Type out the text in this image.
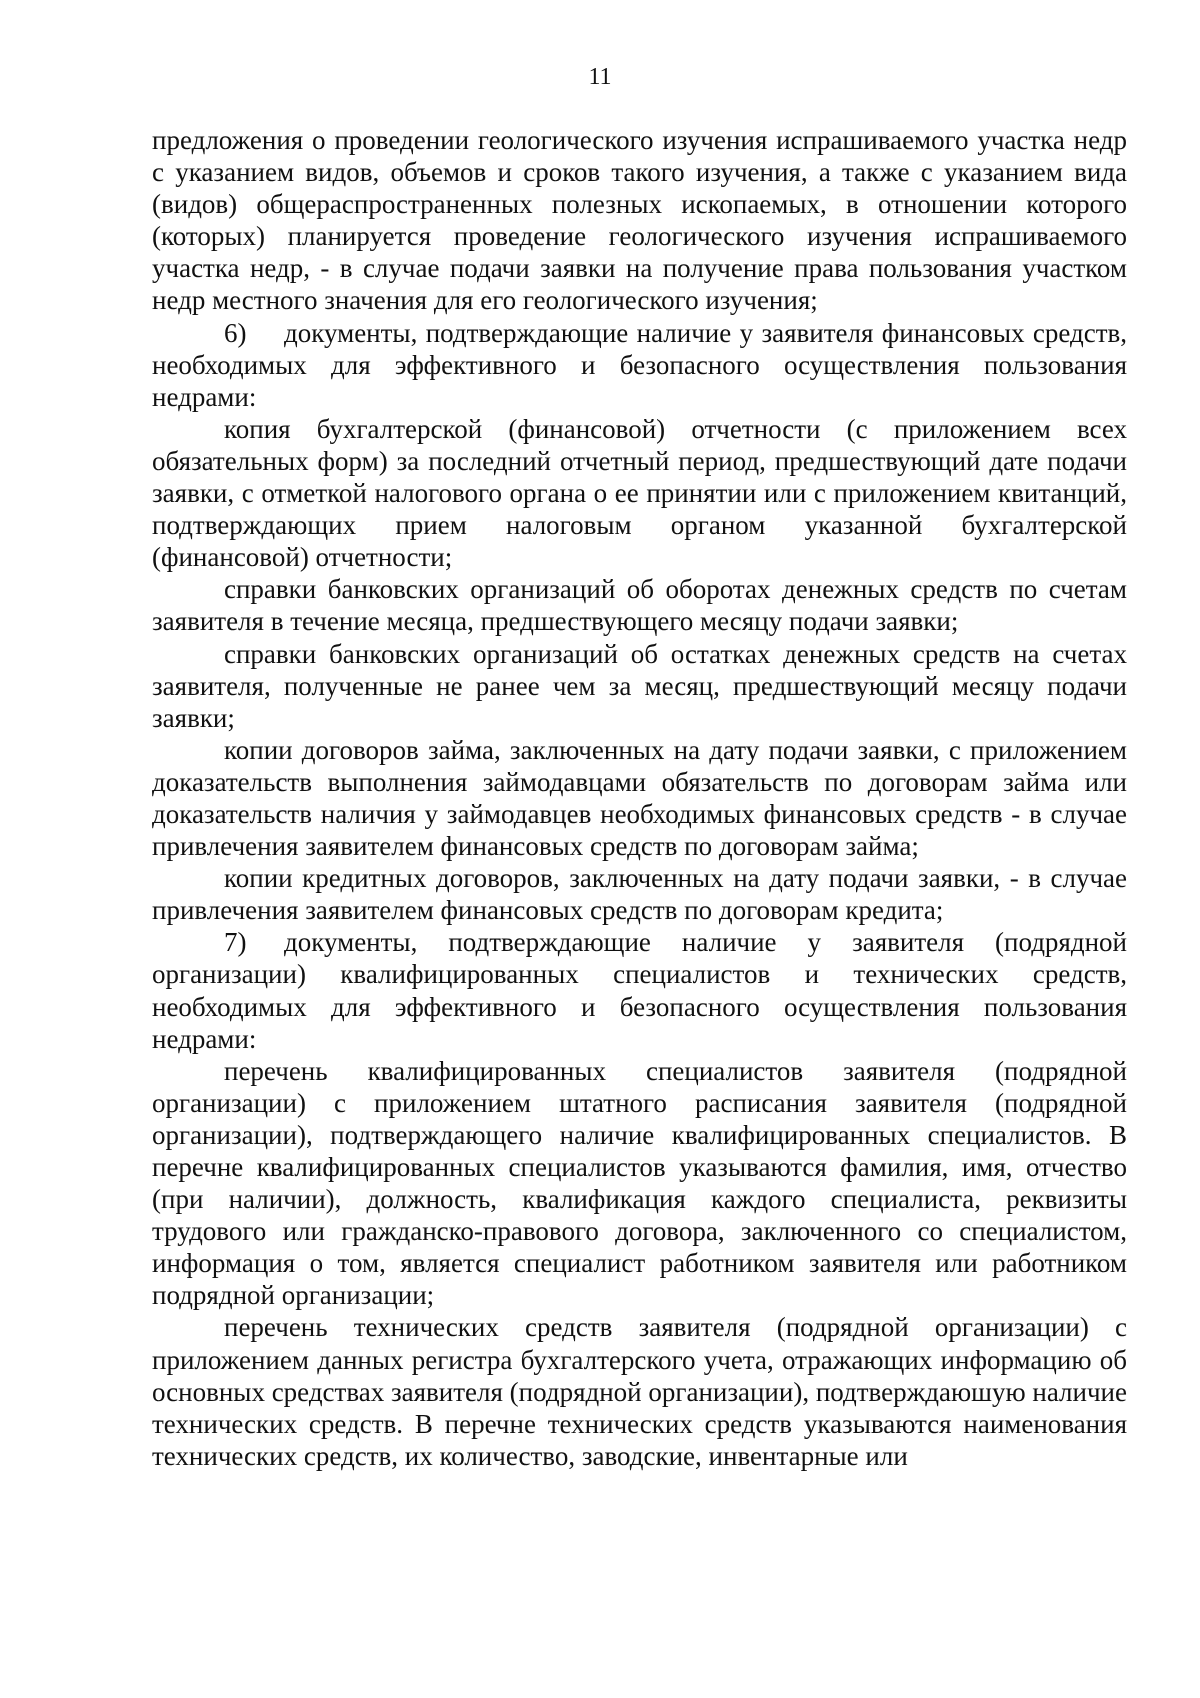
11

предложения о проведении геологического изучения испрашиваемого участка недр с указанием видов, объемов и сроков такого изучения, а также с указанием вида (видов) общераспространенных полезных ископаемых, в отношении которого (которых) планируется проведение геологического изучения испрашиваемого участка недр, - в случае подачи заявки на получение права пользования участком недр местного значения для его геологического изучения;

6) документы, подтверждающие наличие у заявителя финансовых средств, необходимых для эффективного и безопасного осуществления пользования недрами:

копия бухгалтерской (финансовой) отчетности (с приложением всех обязательных форм) за последний отчетный период, предшествующий дате подачи заявки, с отметкой налогового органа о ее принятии или с приложением квитанций, подтверждающих прием налоговым органом указанной бухгалтерской (финансовой) отчетности;

справки банковских организаций об оборотах денежных средств по счетам заявителя в течение месяца, предшествующего месяцу подачи заявки;

справки банковских организаций об остатках денежных средств на счетах заявителя, полученные не ранее чем за месяц, предшествующий месяцу подачи заявки;

копии договоров займа, заключенных на дату подачи заявки, с приложением доказательств выполнения займодавцами обязательств по договорам займа или доказательств наличия у займодавцев необходимых финансовых средств - в случае привлечения заявителем финансовых средств по договорам займа;

копии кредитных договоров, заключенных на дату подачи заявки, - в случае привлечения заявителем финансовых средств по договорам кредита;

7) документы, подтверждающие наличие у заявителя (подрядной организации) квалифицированных специалистов и технических средств, необходимых для эффективного и безопасного осуществления пользования недрами:

перечень квалифицированных специалистов заявителя (подрядной организации) с приложением штатного расписания заявителя (подрядной организации), подтверждающего наличие квалифицированных специалистов. В перечне квалифицированных специалистов указываются фамилия, имя, отчество (при наличии), должность, квалификация каждого специалиста, реквизиты трудового или гражданско-правового договора, заключенного со специалистом, информация о том, является специалист работником заявителя или работником подрядной организации;

перечень технических средств заявителя (подрядной организации) с приложением данных регистра бухгалтерского учета, отражающих информацию об основных средствах заявителя (подрядной организации), подтверждаюшую наличие технических средств. В перечне технических средств указываются наименования технических средств, их количество, заводские, инвентарные или
